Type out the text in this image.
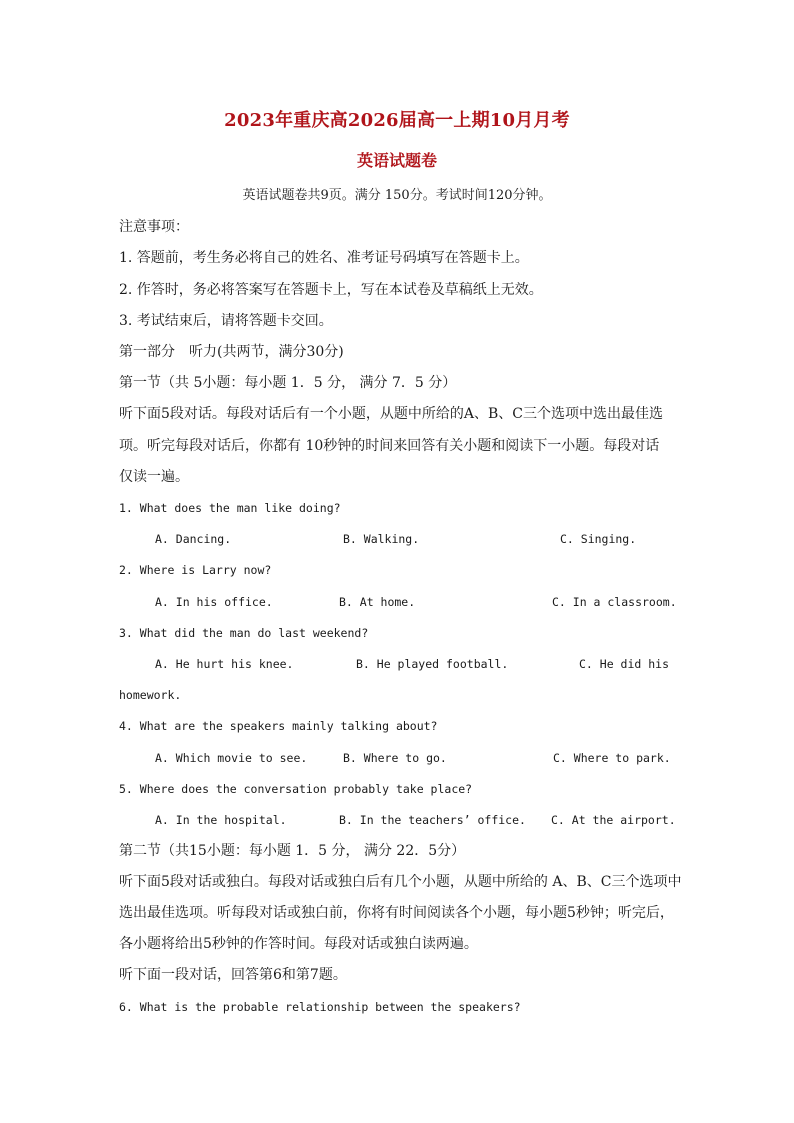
2023年重庆高2026届高一上期10月月考
英语试题卷
英语试题卷共9页。满分 150分。考试时间120分钟。
注意事项：
1. 答题前，考生务必将自己的姓名、准考证号码填写在答题卡上。
2. 作答时，务必将答案写在答题卡上，写在本试卷及草稿纸上无效。
3. 考试结束后，请将答题卡交回。
第一部分　听力(共两节，满分30分)
第一节（共 5小题：每小题 1．5 分， 满分 7．5 分）
听下面5段对话。每段对话后有一个小题，从题中所给的A、B、C三个选项中选出最佳选
项。听完每段对话后，你都有 10秒钟的时间来回答有关小题和阅读下一小题。每段对话
仅读一遍。
1. What does the man like doing?
A. Dancing.	B. Walking.	C. Singing.
2. Where is Larry now?
A. In his office.	B. At home.	C. In a classroom.
3. What did the man do last weekend?
A. He hurt his knee.	B. He played football.	C. He did his
homework.
4. What are the speakers mainly talking about?
A. Which movie to see.	B. Where to go.	C. Where to park.
5. Where does the conversation probably take place?
A. In the hospital.	B. In the teachers’ office. C. At the airport.
第二节（共15小题：每小题 1．5 分， 满分 22．5分）
听下面5段对话或独白。每段对话或独白后有几个小题，从题中所给的 A、B、C三个选项中
选出最佳选项。听每段对话或独白前，你将有时间阅读各个小题，每小题5秒钟；听完后，
各小题将给出5秒钟的作答时间。每段对话或独白读两遍。
听下面一段对话，回答第6和第7题。
6. What is the probable relationship between the speakers?
